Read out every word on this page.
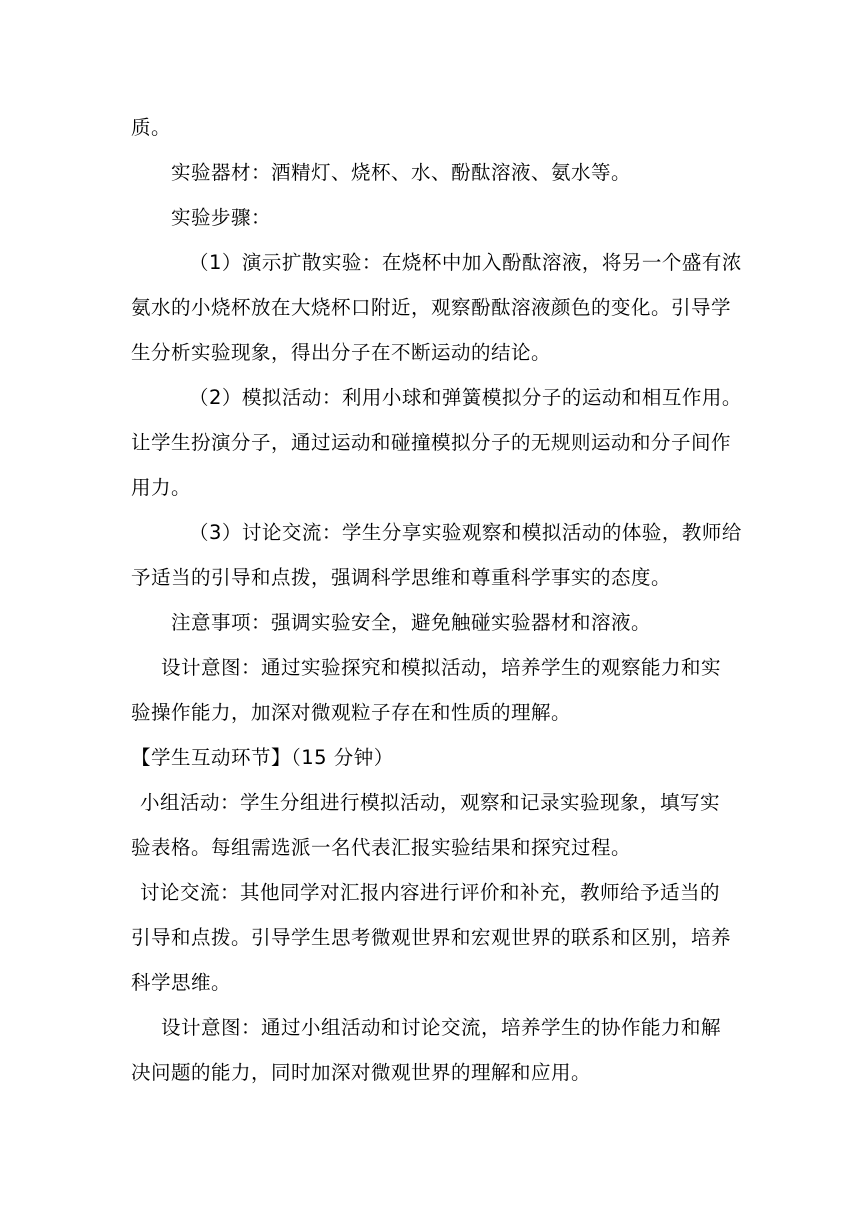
质。
实验器材：酒精灯、烧杯、水、酚酞溶液、氨水等。
实验步骤：
（1）演示扩散实验：在烧杯中加入酚酞溶液，将另一个盛有浓
氨水的小烧杯放在大烧杯口附近，观察酚酞溶液颜色的变化。引导学
生分析实验现象，得出分子在不断运动的结论。
（2）模拟活动：利用小球和弹簧模拟分子的运动和相互作用。
让学生扮演分子，通过运动和碰撞模拟分子的无规则运动和分子间作
用力。
（3）讨论交流：学生分享实验观察和模拟活动的体验，教师给
予适当的引导和点拨，强调科学思维和尊重科学事实的态度。
注意事项：强调实验安全，避免触碰实验器材和溶液。
设计意图：通过实验探究和模拟活动，培养学生的观察能力和实
验操作能力，加深对微观粒子存在和性质的理解。
【学生互动环节】（15 分钟）
小组活动：学生分组进行模拟活动，观察和记录实验现象，填写实
验表格。每组需选派一名代表汇报实验结果和探究过程。
讨论交流：其他同学对汇报内容进行评价和补充，教师给予适当的
引导和点拨。引导学生思考微观世界和宏观世界的联系和区别，培养
科学思维。
设计意图：通过小组活动和讨论交流，培养学生的协作能力和解
决问题的能力，同时加深对微观世界的理解和应用。
